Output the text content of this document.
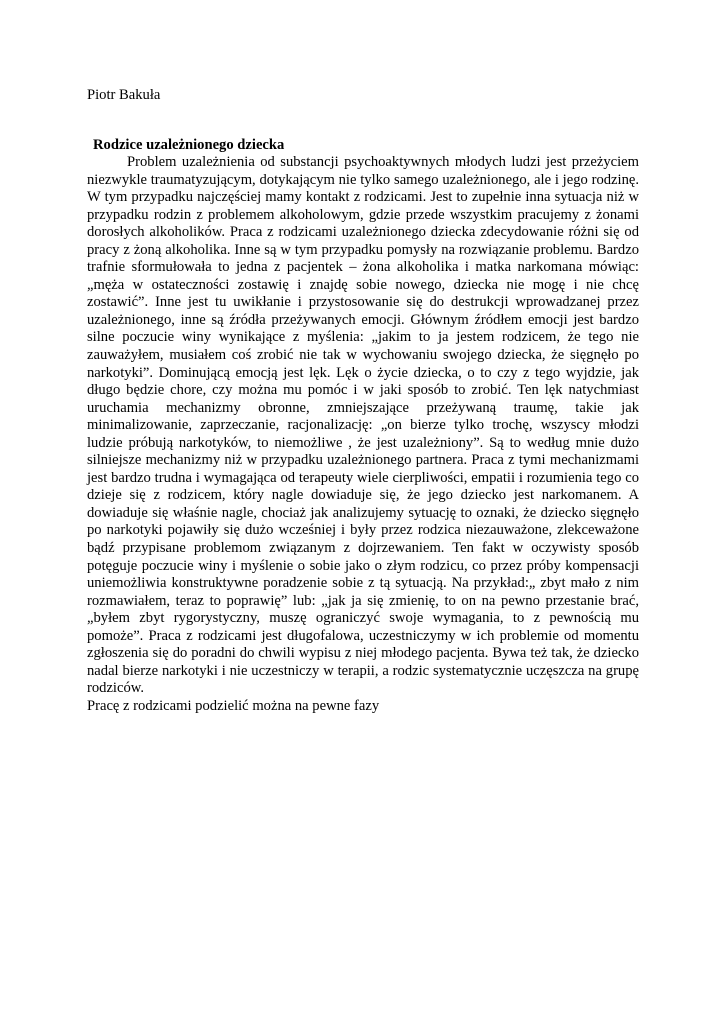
Piotr Bakuła

Rodzice uzależnionego dziecka

Problem uzależnienia od substancji psychoaktywnych młodych ludzi jest przeżyciem niezwykle traumatyzującym, dotykającym nie tylko samego uzależnionego, ale i jego rodzinę. W tym przypadku najczęściej mamy kontakt z rodzicami. Jest to zupełnie inna sytuacja niż w przypadku rodzin z problemem alkoholowym, gdzie przede wszystkim pracujemy z żonami dorosłych alkoholików. Praca z rodzicami uzależnionego dziecka zdecydowanie różni się od pracy z żoną alkoholika. Inne są w tym przypadku pomysły na rozwiązanie problemu. Bardzo trafnie sformułowała to jedna z pacjentek – żona alkoholika i matka narkomana mówiąc: „męża w ostateczności zostawię i znajdę sobie nowego, dziecka nie mogę i nie chcę zostawić”. Inne jest tu uwikłanie i przystosowanie się do destrukcji wprowadzanej przez uzależnionego, inne są źródła przeżywanych emocji. Głównym źródłem emocji jest bardzo silne poczucie winy wynikające z myślenia: „jakim to ja jestem rodzicem, że tego nie zauważyłem, musiałem coś zrobić nie tak w wychowaniu swojego dziecka, że sięgnęło po narkotyki”. Dominującą emocją jest lęk. Lęk o życie dziecka, o to czy z tego wyjdzie, jak długo będzie chore, czy można mu pomóc i w jaki sposób to zrobić. Ten lęk natychmiast uruchamia mechanizmy obronne, zmniejszające przeżywaną traumę, takie jak minimalizowanie, zaprzeczanie, racjonalizację: „on bierze tylko trochę, wszyscy młodzi ludzie próbują narkotyków, to niemożliwe , że jest uzależniony”. Są to według mnie dużo silniejsze mechanizmy niż w przypadku uzależnionego partnera. Praca z tymi mechanizmami jest bardzo trudna i wymagająca od terapeuty wiele cierpliwości, empatii i rozumienia tego co dzieje się z rodzicem, który nagle dowiaduje się, że jego dziecko jest narkomanem. A dowiaduje się właśnie nagle, chociaż jak analizujemy sytuację to oznaki, że dziecko sięgnęło po narkotyki pojawiły się dużo wcześniej i były przez rodzica niezauważone, zlekceważone bądź przypisane problemom związanym z dojrzewaniem. Ten fakt w oczywisty sposób potęguje poczucie winy i myślenie o sobie jako o złym rodzicu, co przez próby kompensacji uniemożliwia konstruktywne poradzenie sobie z tą sytuacją. Na przykład:„ zbyt mało z nim rozmawiałem, teraz to poprawię” lub: „jak ja się zmienię, to on na pewno przestanie brać, „byłem zbyt rygorystyczny, muszę ograniczyć swoje wymagania, to z pewnością mu pomoże”. Praca z rodzicami jest długofalowa, uczestniczymy w ich problemie od momentu zgłoszenia się do poradni do chwili wypisu z niej młodego pacjenta. Bywa też tak, że dziecko nadal bierze narkotyki i nie uczestniczy w terapii, a rodzic systematycznie uczęszcza na grupę rodziców.

Pracę z rodzicami podzielić można na pewne fazy
